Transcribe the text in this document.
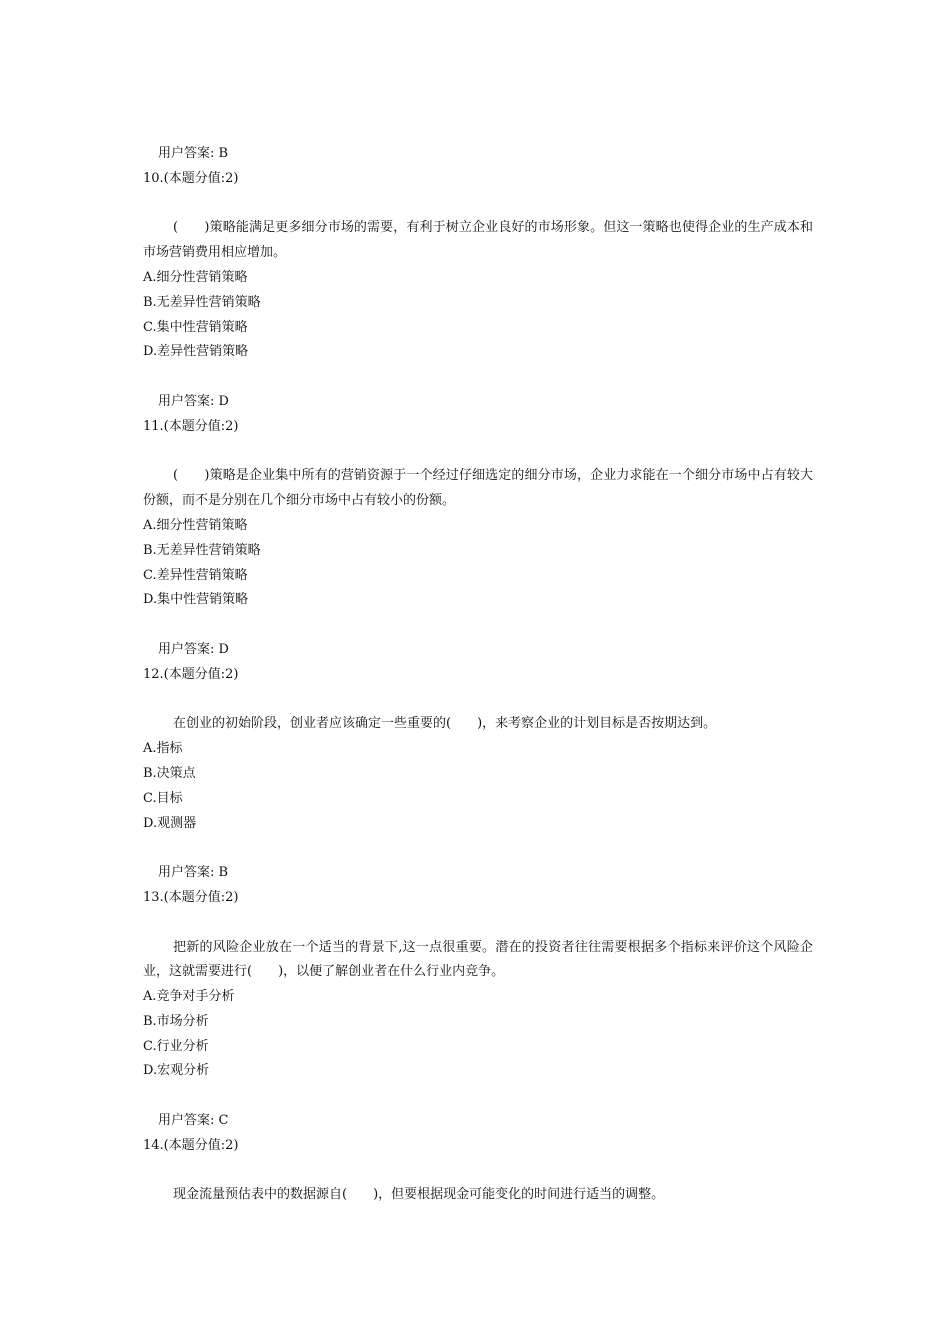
用户答案: B
10.(本题分值:2)
(　　)策略能满足更多细分市场的需要，有利于树立企业良好的市场形象。但这一策略也使得企业的生产成本和市场营销费用相应增加。
A.细分性营销策略
B.无差异性营销策略
C.集中性营销策略
D.差异性营销策略
用户答案: D
11.(本题分值:2)
(　　)策略是企业集中所有的营销资源于一个经过仔细选定的细分市场，企业力求能在一个细分市场中占有较大份额，而不是分别在几个细分市场中占有较小的份额。
A.细分性营销策略
B.无差异性营销策略
C.差异性营销策略
D.集中性营销策略
用户答案: D
12.(本题分值:2)
在创业的初始阶段，创业者应该确定一些重要的(　　)，来考察企业的计划目标是否按期达到。
A.指标
B.决策点
C.目标
D.观测器
用户答案: B
13.(本题分值:2)
把新的风险企业放在一个适当的背景下,这一点很重要。潜在的投资者往往需要根据多个指标来评价这个风险企业，这就需要进行(　　)，以便了解创业者在什么行业内竞争。
A.竞争对手分析
B.市场分析
C.行业分析
D.宏观分析
用户答案: C
14.(本题分值:2)
现金流量预估表中的数据源自(　　)，但要根据现金可能变化的时间进行适当的调整。
